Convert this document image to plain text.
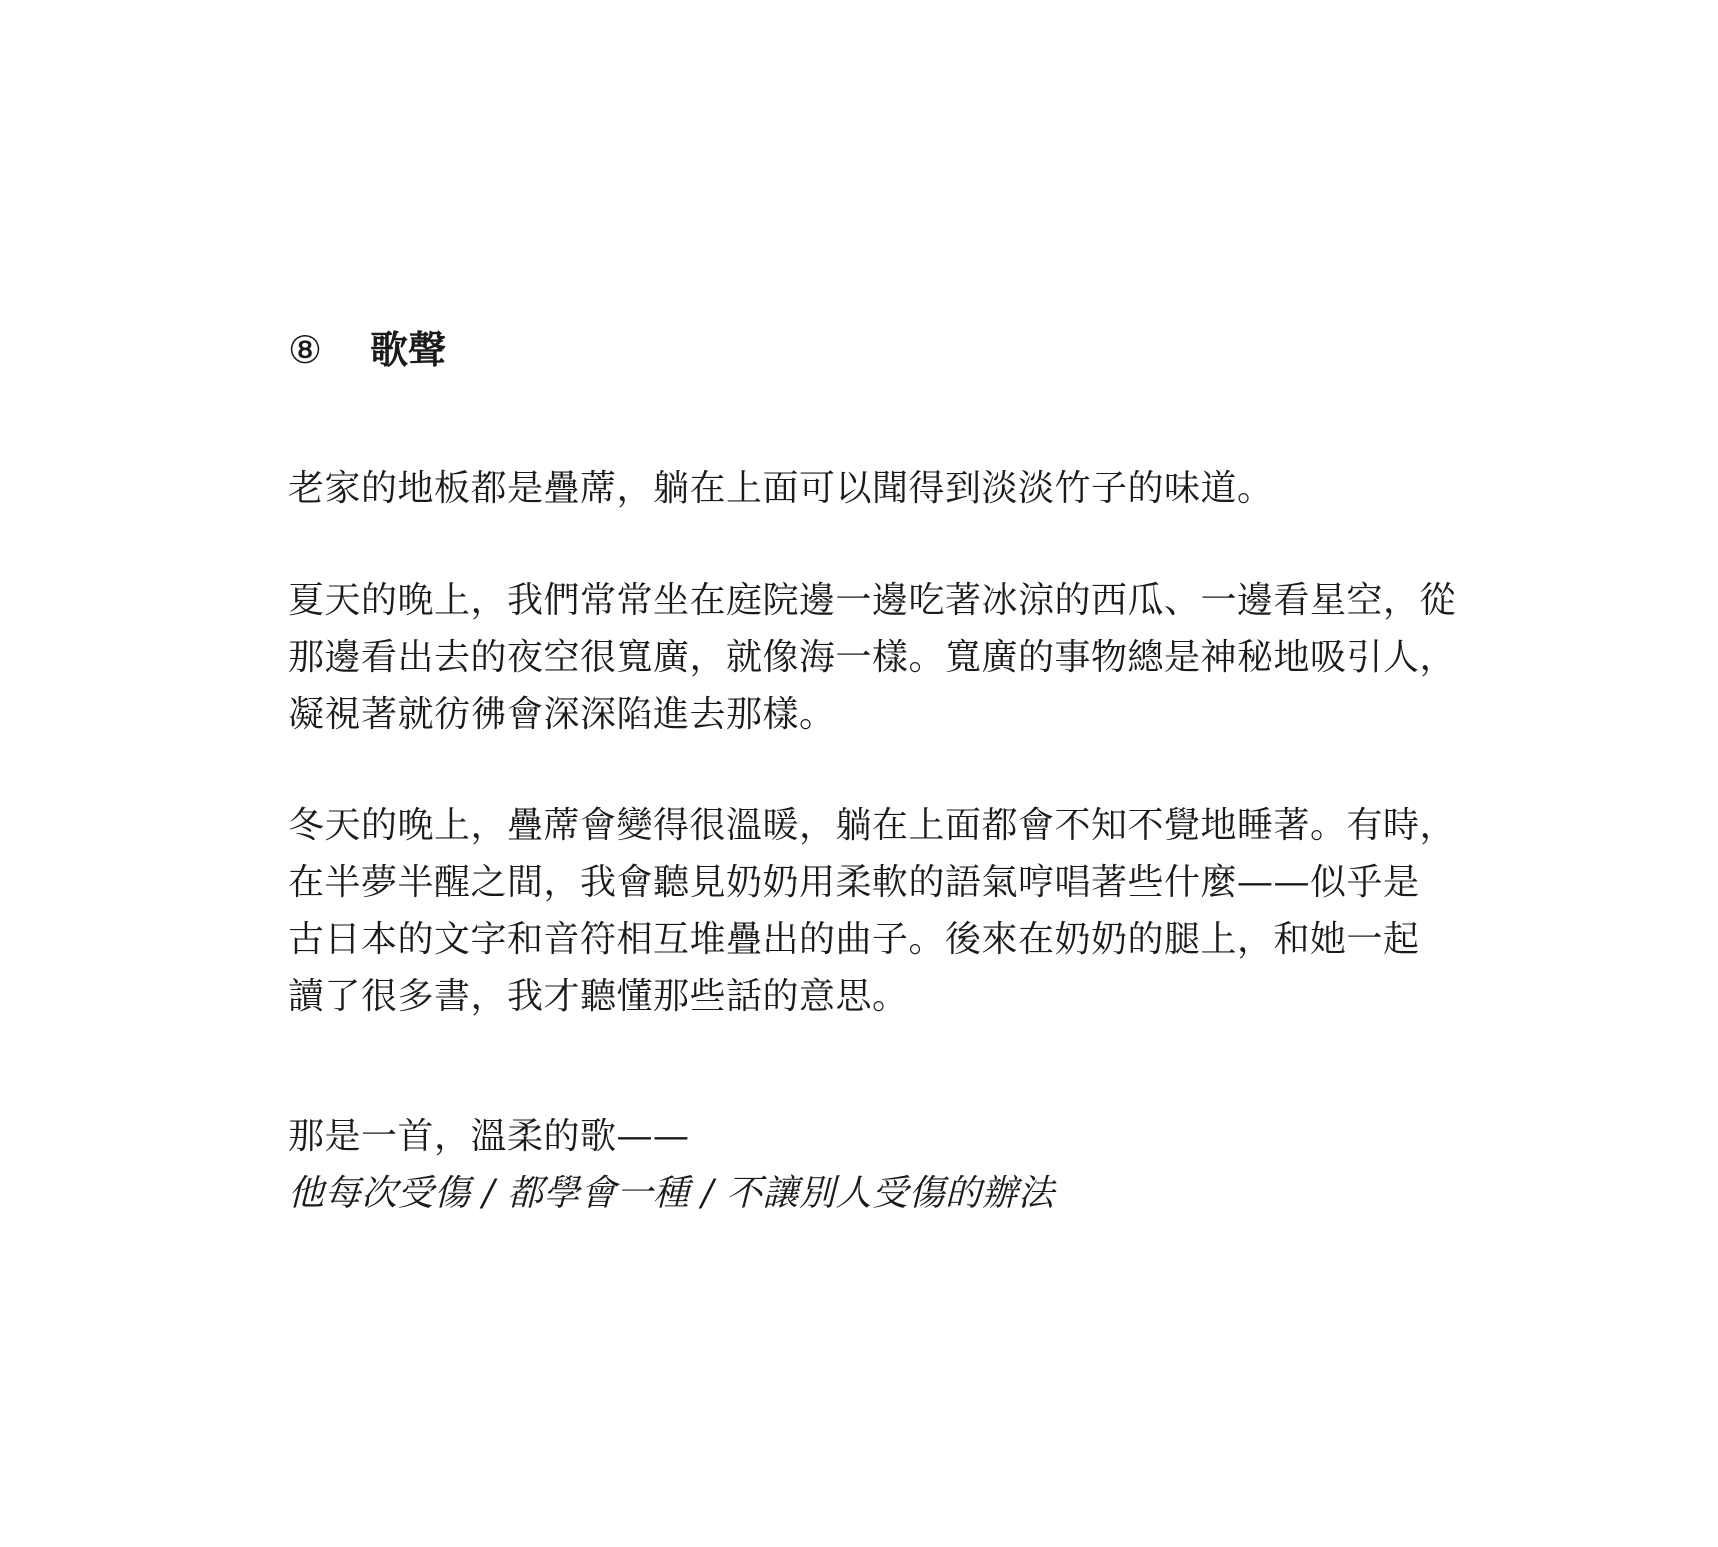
⑧	歌聲

老家的地板都是疊蓆，躺在上面可以聞得到淡淡竹子的味道。

夏天的晚上，我們常常坐在庭院邊一邊吃著冰涼的西瓜、一邊看星空，從
那邊看出去的夜空很寬廣，就像海一樣。寬廣的事物總是神秘地吸引人，
凝視著就彷彿會深深陷進去那樣。

冬天的晚上，疊蓆會變得很溫暖，躺在上面都會不知不覺地睡著。有時，
在半夢半醒之間，我會聽見奶奶用柔軟的語氣哼唱著些什麼——似乎是
古日本的文字和音符相互堆疊出的曲子。後來在奶奶的腿上，和她一起
讀了很多書，我才聽懂那些話的意思。

那是一首，溫柔的歌——
他每次受傷 / 都學會一種 / 不讓別人受傷的辦法
